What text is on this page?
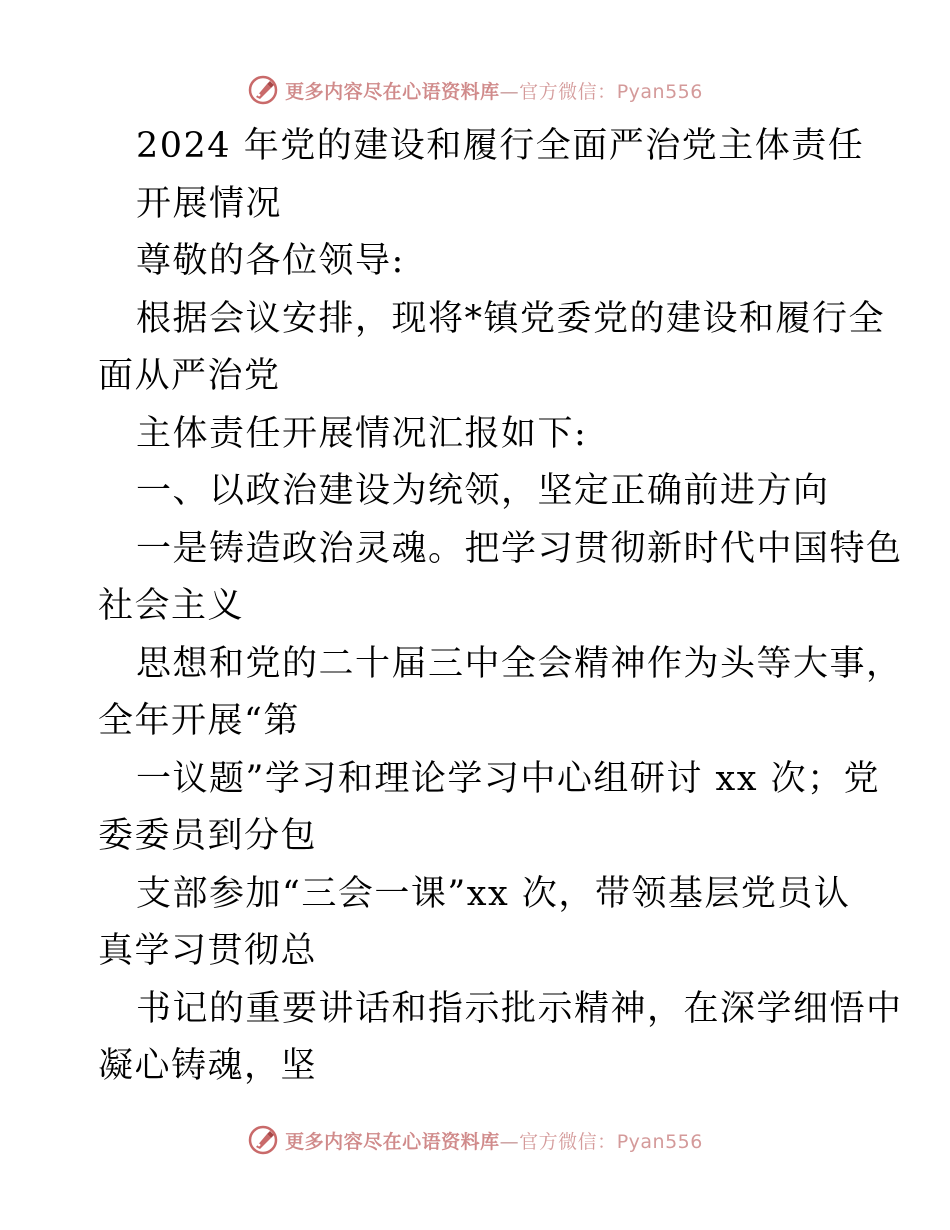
更多内容尽在心语资料库—官方微信：Pyan556
2024 年党的建设和履行全面严治党主体责任
开展情况
尊敬的各位领导:
根据会议安排，现将*镇党委党的建设和履行全
面从严治党
主体责任开展情况汇报如下:
一、以政治建设为统领，坚定正确前进方向
一是铸造政治灵魂。把学习贯彻新时代中国特色
社会主义
思想和党的二十届三中全会精神作为头等大事，
全年开展“第
一议题”学习和理论学习中心组研讨 xx 次；党
委委员到分包
支部参加“三会一课”xx 次，带领基层党员认
真学习贯彻总
书记的重要讲话和指示批示精神，在深学细悟中
凝心铸魂，坚
更多内容尽在心语资料库—官方微信：Pyan556
